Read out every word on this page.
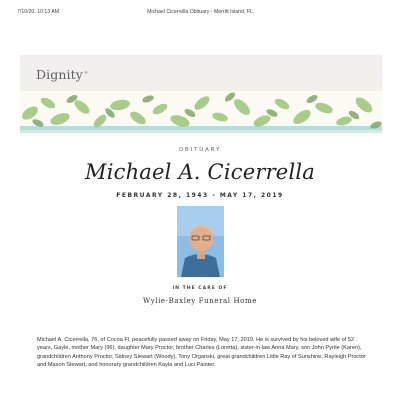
7/10/20, 10:13 AM	Michael Cicerrella Obituary - Merritt Island, FL
Dignity®
OBITUARY
Michael A. Cicerrella
FEBRUARY 28, 1943 - MAY 17, 2019
IN THE CARE OF
Wylie-Baxley Funeral Home

Michael A. Cicerrella, 76, of Cocoa Fl, peacefully passed away on Friday, May 17, 2019. He is survived by his beloved wife of 52 years, Gayle, mother Mary (96), daughter Mary Proctor, brother Charles (Loretta), sister-in-law Anna Mary, son John Pyrtle (Karen), grandchildren Anthony Proctor, Sidney Stewart (Woody), Tony Organski, great grandchildren Little Ray of Sunshine, Rayleigh Proctor and Mason Stewart, and honorary grandchildren Kayla and Luci Painter.
